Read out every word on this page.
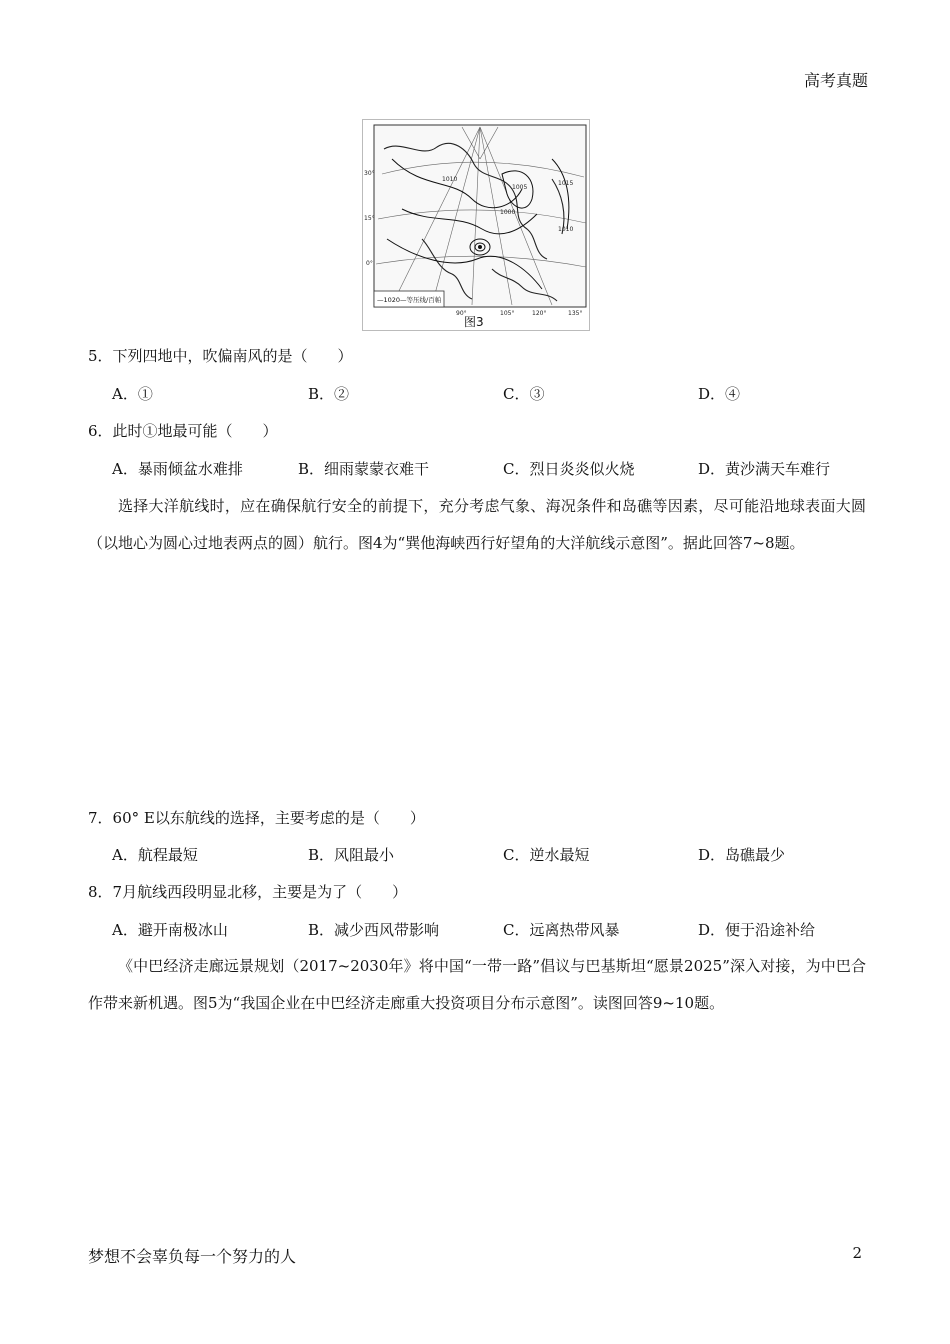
高考真题
30°
15°
0°
90°	105°	120°	135°
1000
1005
1010
1015
1010
—1020—等压线/百帕
图3
5．下列四地中，吹偏南风的是（　　）
A．①	B．②	C．③	D．④
6．此时①地最可能（　　）
A．暴雨倾盆水难排	B．细雨蒙蒙衣难干	C．烈日炎炎似火烧	D．黄沙满天车难行

选择大洋航线时，应在确保航行安全的前提下，充分考虑气象、海况条件和岛礁等因素，尽可能沿地球表面大圆（以地心为圆心过地表两点的圆）航行。图4为“巽他海峡西行好望角的大洋航线示意图”。据此回答7~8题。

7．60° E以东航线的选择，主要考虑的是（　　）
A．航程最短	B．风阻最小	C．逆水最短	D．岛礁最少
8．7月航线西段明显北移，主要是为了（　　）
A．避开南极冰山	B．减少西风带影响	C．远离热带风暴	D．便于沿途补给

《中巴经济走廊远景规划（2017~2030年》将中国“一带一路”倡议与巴基斯坦“愿景2025”深入对接，为中巴合作带来新机遇。图5为“我国企业在中巴经济走廊重大投资项目分布示意图”。读图回答9~10题。

梦想不会辜负每一个努力的人	2
